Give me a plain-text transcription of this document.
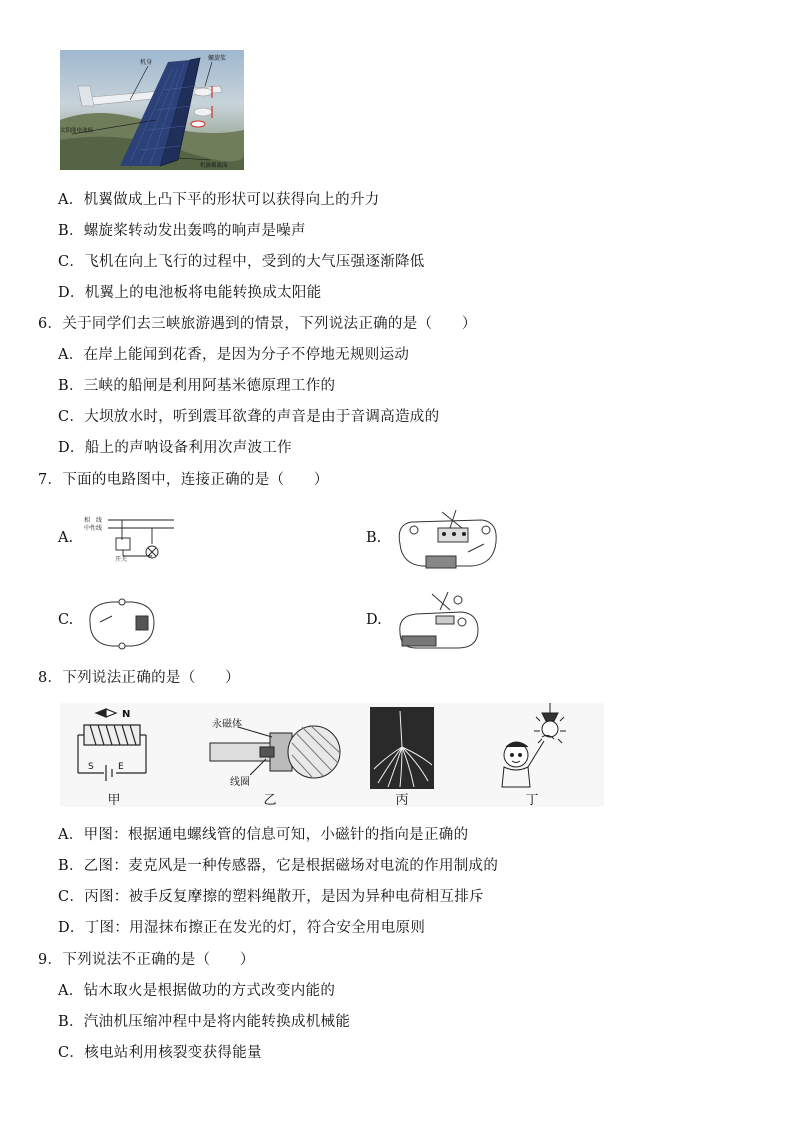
机身
螺旋桨
太阳能电池板
机翼横截面
A．机翼做成上凸下平的形状可以获得向上的升力
B．螺旋桨转动发出轰鸣的响声是噪声
C．飞机在向上飞行的过程中，受到的大气压强逐渐降低
D．机翼上的电池板将电能转换成太阳能
6．关于同学们去三峡旅游遇到的情景，下列说法正确的是（　　）
A．在岸上能闻到花香，是因为分子不停地无规则运动
B．三峡的船闸是利用阿基米德原理工作的
C．大坝放水时，听到震耳欲聋的声音是由于音调高造成的
D．船上的声呐设备利用次声波工作
7．下面的电路图中，连接正确的是（　　）
A.
相　线
中性线
开关
B.
C.	D.
8．下列说法正确的是（　　）
N
S	E
甲
永磁体
线圈
乙	丙	丁
A．甲图：根据通电螺线管的信息可知，小磁针的指向是正确的
B．乙图：麦克风是一种传感器，它是根据磁场对电流的作用制成的
C．丙图：被手反复摩擦的塑料绳散开，是因为异种电荷相互排斥
D．丁图：用湿抹布擦正在发光的灯，符合安全用电原则
9．下列说法不正确的是（　　）
A．钻木取火是根据做功的方式改变内能的
B．汽油机压缩冲程中是将内能转换成机械能
C．核电站利用核裂变获得能量
